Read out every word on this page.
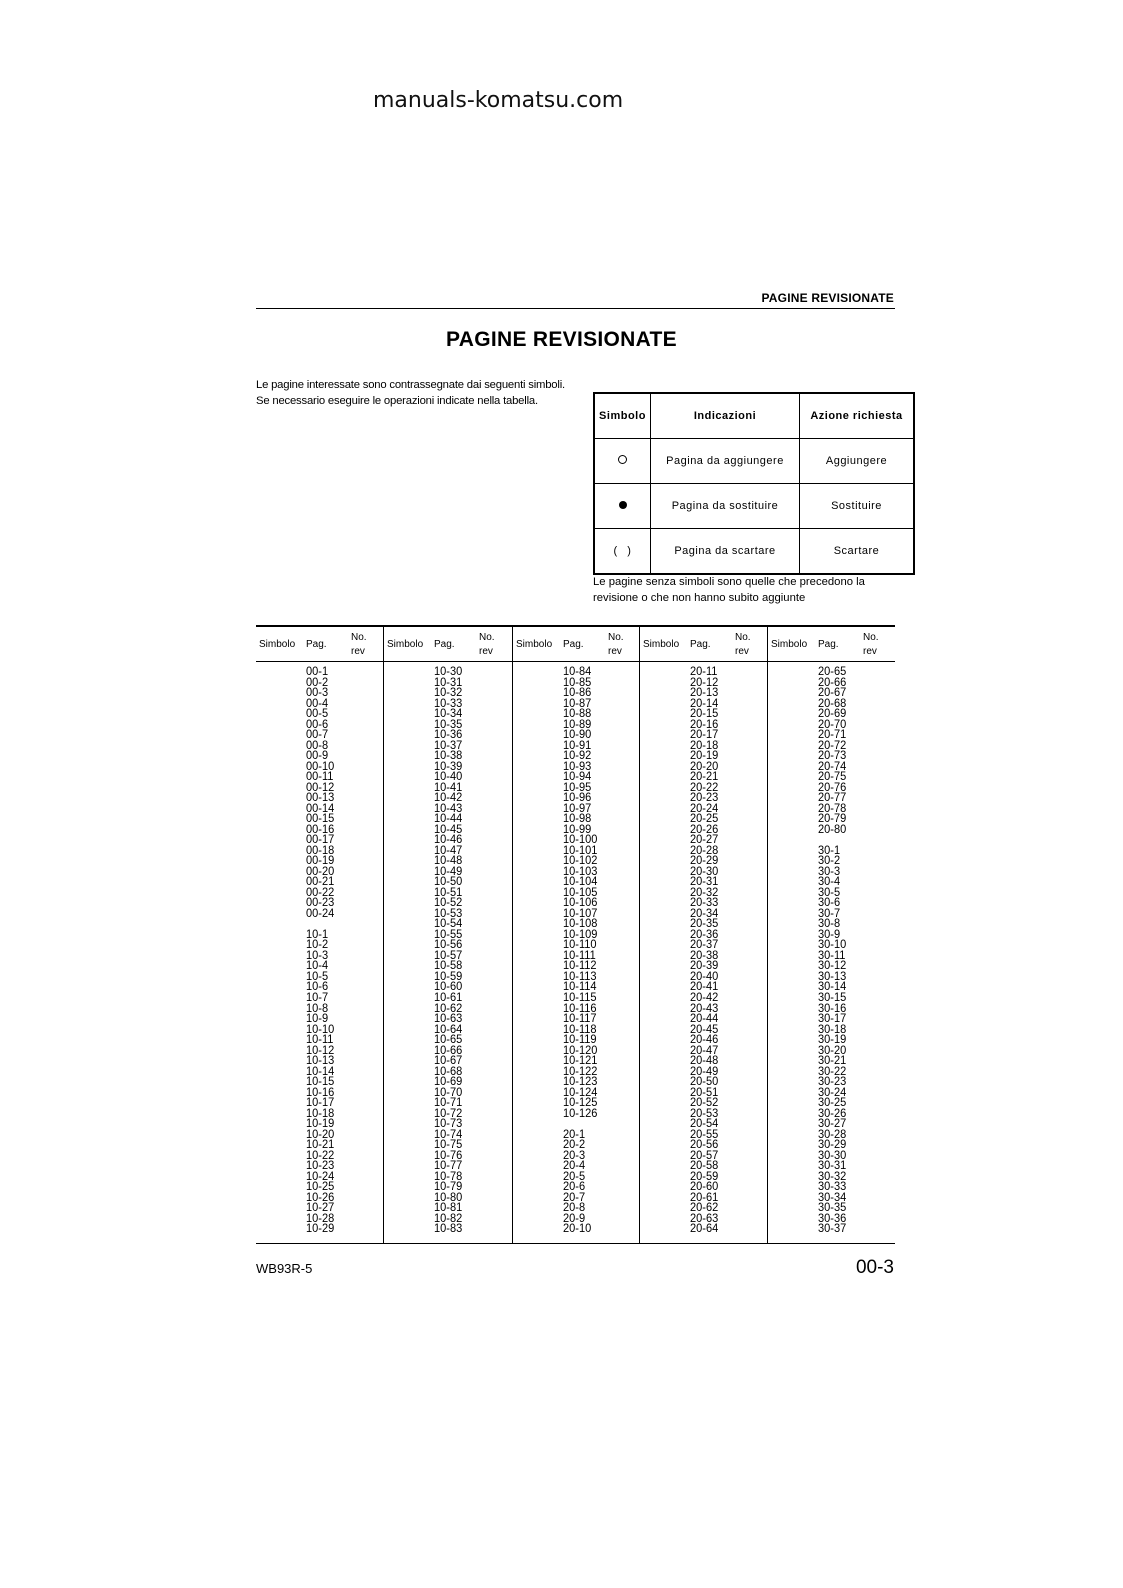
manuals-komatsu.com
PAGINE REVISIONATE
PAGINE REVISIONATE
Le pagine interessate sono contrassegnate dai seguenti simboli. Se necessario eseguire le operazioni indicate nella tabella.
Simbolo	Indicazioni	Azione richiesta
	Pagina da aggiungere	Aggiungere
	Pagina da sostituire	Sostituire
( )	Pagina da scartare	Scartare
Le pagine senza simboli sono quelle che precedono la revisione o che non hanno subito aggiunte
Simbolo Pag.
No.
rev
00-1
00-2
00-3
00-4
00-5
00-6
00-7
00-8
00-9
00-10
00-11
00-12
00-13
00-14
00-15
00-16
00-17
00-18
00-19
00-20
00-21
00-22
00-23
00-24
10-1
10-2
10-3
10-4
10-5
10-6
10-7
10-8
10-9
10-10
10-11
10-12
10-13
10-14
10-15
10-16
10-17
10-18
10-19
10-20
10-21
10-22
10-23
10-24
10-25
10-26
10-27
10-28
10-29
Simbolo Pag.
No.
rev
10-30
10-31
10-32
10-33
10-34
10-35
10-36
10-37
10-38
10-39
10-40
10-41
10-42
10-43
10-44
10-45
10-46
10-47
10-48
10-49
10-50
10-51
10-52
10-53
10-54
10-55
10-56
10-57
10-58
10-59
10-60
10-61
10-62
10-63
10-64
10-65
10-66
10-67
10-68
10-69
10-70
10-71
10-72
10-73
10-74
10-75
10-76
10-77
10-78
10-79
10-80
10-81
10-82
10-83
Simbolo Pag.
No.
rev
10-84
10-85
10-86
10-87
10-88
10-89
10-90
10-91
10-92
10-93
10-94
10-95
10-96
10-97
10-98
10-99
10-100
10-101
10-102
10-103
10-104
10-105
10-106
10-107
10-108
10-109
10-110
10-111
10-112
10-113
10-114
10-115
10-116
10-117
10-118
10-119
10-120
10-121
10-122
10-123
10-124
10-125
10-126
20-1
20-2
20-3
20-4
20-5
20-6
20-7
20-8
20-9
20-10
Simbolo Pag.
No.
rev
20-11
20-12
20-13
20-14
20-15
20-16
20-17
20-18
20-19
20-20
20-21
20-22
20-23
20-24
20-25
20-26
20-27
20-28
20-29
20-30
20-31
20-32
20-33
20-34
20-35
20-36
20-37
20-38
20-39
20-40
20-41
20-42
20-43
20-44
20-45
20-46
20-47
20-48
20-49
20-50
20-51
20-52
20-53
20-54
20-55
20-56
20-57
20-58
20-59
20-60
20-61
20-62
20-63
20-64
Simbolo Pag.
No.
rev
20-65
20-66
20-67
20-68
20-69
20-70
20-71
20-72
20-73
20-74
20-75
20-76
20-77
20-78
20-79
20-80
30-1
30-2
30-3
30-4
30-5
30-6
30-7
30-8
30-9
30-10
30-11
30-12
30-13
30-14
30-15
30-16
30-17
30-18
30-19
30-20
30-21
30-22
30-23
30-24
30-25
30-26
30-27
30-28
30-29
30-30
30-31
30-32
30-33
30-34
30-35
30-36
30-37
WB93R-5	00-3
